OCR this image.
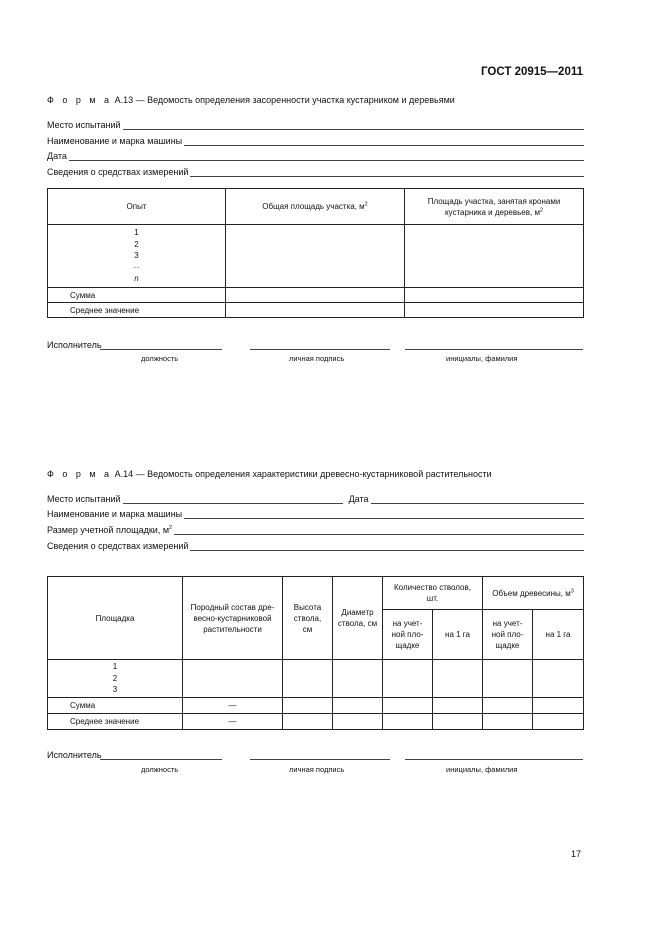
ГОСТ 20915—2011
Ф о р м а А.13 — Ведомость определения засоренности участка кустарником и деревьями
Место испытаний
Наименование и марка машины
Дата
Сведения о средствах измерений
Опыт	Общая площадь участка, $м^2$	Площадь участка, занятая кронами кустарника и деревьев, $м^2$

1
2
3
....
n		

Сумма		
Среднее значение		
Исполнитель
должность	личная подпись	инициалы, фамилия
Ф о р м а А.14 — Ведомость определения характеристики древесно-кустарниковой растительности
Место испытаний	Дата
Наименование и марка машины
Размер учетной площадки, $м^2$
Сведения о средствах измерений
Площадка	Породный состав дре-весно-кустарниковой растительности	Высота ствола, см	Диаметр ствола, см	Количество стволов, шт.		Объем древесины, $м^3$
				на учет-ной пло-щадке	на 1 га	на учет-ной пло-щадке	на 1 га

1
2
3							

Сумма	—						
Среднее значение	—						
Исполнитель
должность	личная подпись	инициалы, фамилия
17
